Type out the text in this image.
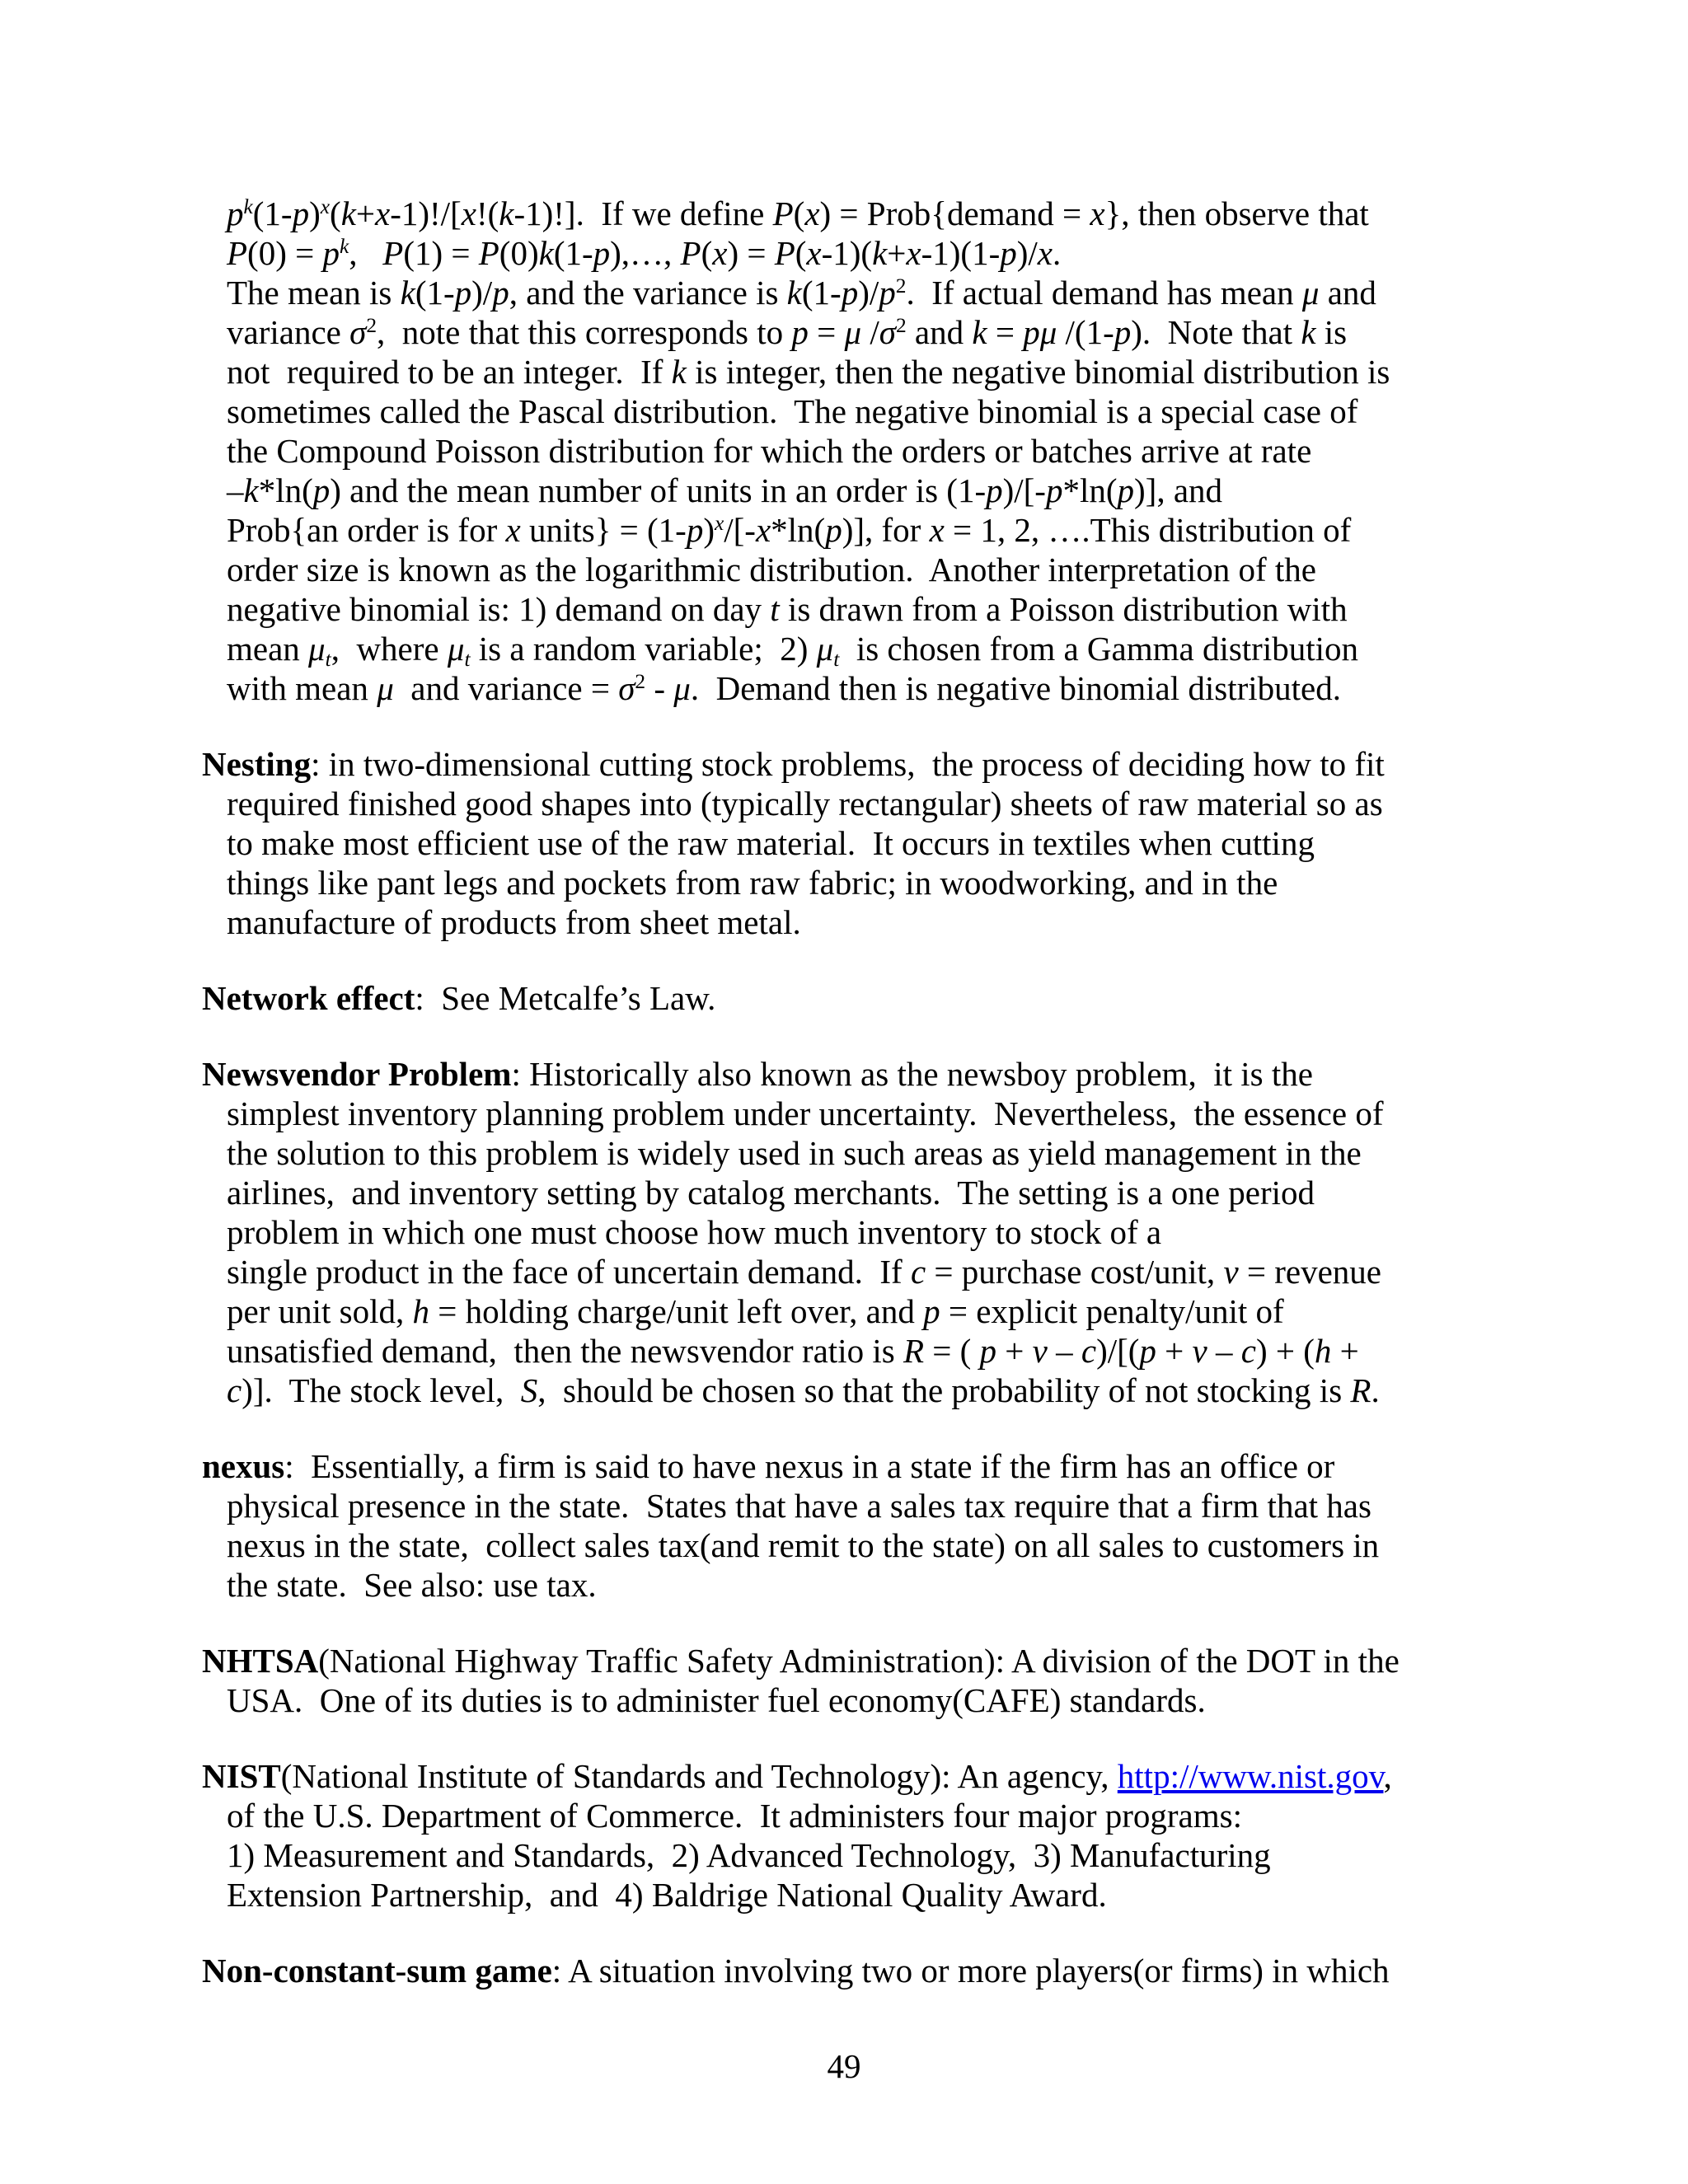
$p^k(1-p)^x(k+x-1)!/[x!(k-1)!]$.  If we define P(x) = Prob{demand = x}, then observe that
$P(0) = p^k$,   P(1) = P(0)k(1-p),…, P(x) = P(x-1)(k+x-1)(1-p)/x.
The mean is k(1-p)/p, and the variance is $k(1-p)/p^2$.  If actual demand has mean μ and
variance $\sigma^2$,  note that this corresponds to p = μ $/\sigma^2$ and k = pμ /(1-p).  Note that k is
not  required to be an integer.  If k is integer, then the negative binomial distribution is
sometimes called the Pascal distribution.  The negative binomial is a special case of
the Compound Poisson distribution for which the orders or batches arrive at rate
–k*ln(p) and the mean number of units in an order is (1-p)/[-p*ln(p)], and
Prob{an order is for x units} = $(1-p)^x/[-x*\ln(p)]$, for x = 1, 2, ….This distribution of
order size is known as the logarithmic distribution.  Another interpretation of the
negative binomial is: 1) demand on day t is drawn from a Poisson distribution with
mean $\mu_t$,  where $\mu_t$ is a random variable;  2) $\mu_t$  is chosen from a Gamma distribution
with mean μ  and variance = $\sigma^2$ - μ.  Demand then is negative binomial distributed.
Nesting: in two-dimensional cutting stock problems,  the process of deciding how to fit
required finished good shapes into (typically rectangular) sheets of raw material so as
to make most efficient use of the raw material.  It occurs in textiles when cutting
things like pant legs and pockets from raw fabric; in woodworking, and in the
manufacture of products from sheet metal.
Network effect:  See Metcalfe’s Law.
Newsvendor Problem: Historically also known as the newsboy problem,  it is the
simplest inventory planning problem under uncertainty.  Nevertheless,  the essence of
the solution to this problem is widely used in such areas as yield management in the
airlines,  and inventory setting by catalog merchants.  The setting is a one period
problem in which one must choose how much inventory to stock of a
single product in the face of uncertain demand.  If c = purchase cost/unit, v = revenue
per unit sold, h = holding charge/unit left over, and p = explicit penalty/unit of
unsatisfied demand,  then the newsvendor ratio is R = ( p + v – c)/[(p + v – c) + (h +
c)].  The stock level,  S,  should be chosen so that the probability of not stocking is R.
nexus:  Essentially, a firm is said to have nexus in a state if the firm has an office or
physical presence in the state.  States that have a sales tax require that a firm that has
nexus in the state,  collect sales tax(and remit to the state) on all sales to customers in
the state.  See also: use tax.
NHTSA(National Highway Traffic Safety Administration): A division of the DOT in the
USA.  One of its duties is to administer fuel economy(CAFE) standards.
NIST(National Institute of Standards and Technology): An agency, http://www.nist.gov,
of the U.S. Department of Commerce.  It administers four major programs:
1) Measurement and Standards,  2) Advanced Technology,  3) Manufacturing
Extension Partnership,  and  4) Baldrige National Quality Award.
Non-constant-sum game: A situation involving two or more players(or firms) in which
49
